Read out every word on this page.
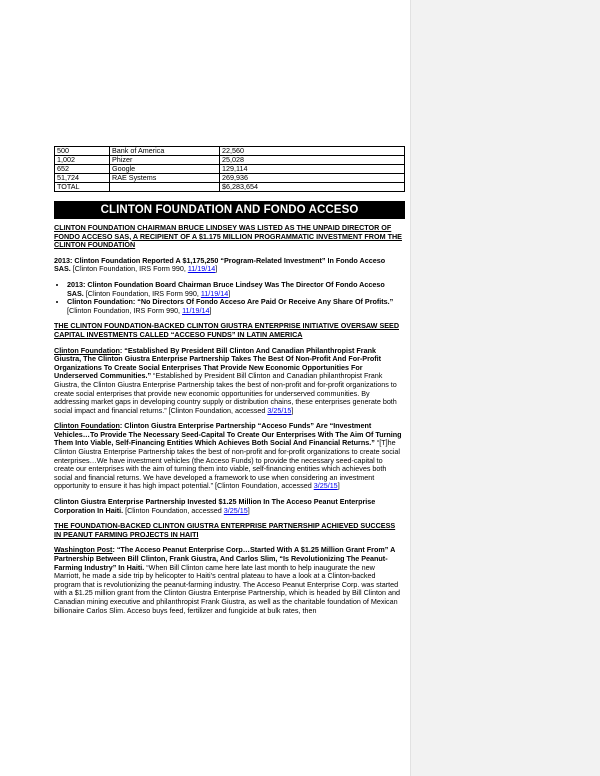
500	Bank of America	22,560
1,002	Phizer	25,028
652	Google	129,114
51,724	RAE Systems	269,936
TOTAL		$6,283,654
CLINTON FOUNDATION AND FONDO ACCESO

CLINTON FOUNDATION CHAIRMAN BRUCE LINDSEY WAS LISTED AS THE UNPAID DIRECTOR OF FONDO ACCESO SAS, A RECIPIENT OF A $1.175 MILLION PROGRAMMATIC INVESTMENT FROM THE CLINTON FOUNDATION

2013: Clinton Foundation Reported A $1,175,250 “Program-Related Investment” In Fondo Acceso SAS. [Clinton Foundation, IRS Form 990, 11/19/14]

• 2013: Clinton Foundation Board Chairman Bruce Lindsey Was The Director Of Fondo Acceso SAS. [Clinton Foundation, IRS Form 990, 11/19/14]
• Clinton Foundation: “No Directors Of Fondo Acceso Are Paid Or Receive Any Share Of Profits.” [Clinton Foundation, IRS Form 990, 11/19/14]

THE CLINTON FOUNDATION-BACKED CLINTON GIUSTRA ENTERPRISE INITIATIVE OVERSAW SEED CAPITAL INVESTMENTS CALLED “ACCESO FUNDS” IN LATIN AMERICA

Clinton Foundation: “Established By President Bill Clinton And Canadian Philanthropist Frank Giustra, The Clinton Giustra Enterprise Partnership Takes The Best Of Non-Profit And For-Profit Organizations To Create Social Enterprises That Provide New Economic Opportunities For Underserved Communities.” “Established by President Bill Clinton and Canadian philanthropist Frank Giustra, the Clinton Giustra Enterprise Partnership takes the best of non-profit and for-profit organizations to create social enterprises that provide new economic opportunities for underserved communities. By addressing market gaps in developing country supply or distribution chains, these enterprises generate both social impact and financial returns.” [Clinton Foundation, accessed 3/25/15]

Clinton Foundation: Clinton Giustra Enterprise Partnership “Acceso Funds” Are “Investment Vehicles…To Provide The Necessary Seed-Capital To Create Our Enterprises With The Aim Of Turning Them Into Viable, Self-Financing Entities Which Achieves Both Social And Financial Returns.” “[T]he Clinton Giustra Enterprise Partnership takes the best of non-profit and for-profit organizations to create social enterprises…We have investment vehicles (the Acceso Funds) to provide the necessary seed-capital to create our enterprises with the aim of turning them into viable, self-financing entities which achieves both social and financial returns. We have developed a framework to use when considering an investment opportunity to ensure it has high impact potential.” [Clinton Foundation, accessed 3/25/15]

Clinton Giustra Enterprise Partnership Invested $1.25 Million In The Acceso Peanut Enterprise Corporation In Haiti. [Clinton Foundation, accessed 3/25/15]

THE FOUNDATION-BACKED CLINTON GIUSTRA ENTERPRISE PARTNERSHIP ACHIEVED SUCCESS IN PEANUT FARMING PROJECTS IN HAITI

Washington Post: “The Acceso Peanut Enterprise Corp…Started With A $1.25 Million Grant From” A Partnership Between Bill Clinton, Frank Giustra, And Carlos Slim, “Is Revolutionizing The Peanut-Farming Industry” In Haiti. “When Bill Clinton came here late last month to help inaugurate the new Marriott, he made a side trip by helicopter to Haiti’s central plateau to have a look at a Clinton-backed program that is revolutionizing the peanut-farming industry. The Acceso Peanut Enterprise Corp. was started with a $1.25 million grant from the Clinton Giustra Enterprise Partnership, which is headed by Bill Clinton and Canadian mining executive and philanthropist Frank Giustra, as well as the charitable foundation of Mexican billionaire Carlos Slim. Acceso buys feed, fertilizer and fungicide at bulk rates, then
